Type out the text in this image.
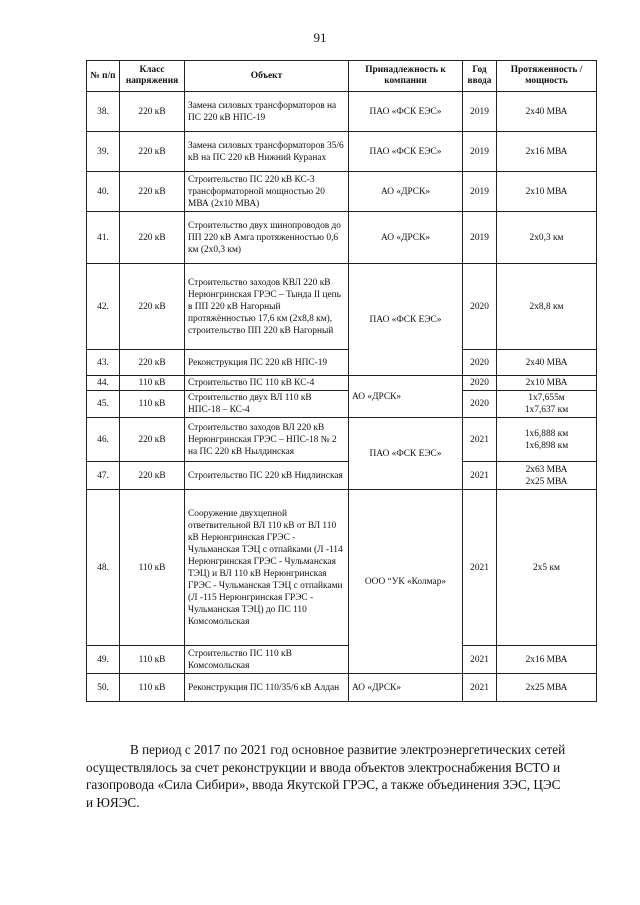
91
№ п/п	Класс напряжения	Объект	Принадлежность к компании	Год ввода	Протяженность / мощность
38.	220 кВ	Замена силовых трансформаторов на ПС 220 кВ НПС-19	ПАО «ФСК ЕЭС»	2019	2х40 МВА
39.	220 кВ	Замена силовых трансформаторов 35/6 кВ на ПС 220 кВ Нижний Куранах	ПАО «ФСК ЕЭС»	2019	2х16 МВА
40.	220 кВ	Строительство ПС 220 кВ КС-3 трансформаторной мощностью 20 МВА (2х10 МВА)	АО «ДРСК»	2019	2х10 МВА
41.	220 кВ	Строительство двух шинопроводов до ПП 220 кВ Амга протяженностью 0,6 км (2х0,3 км)	АО «ДРСК»	2019	2х0,3 км
42.	220 кВ	Строительство заходов КВЛ 220 кВ Нерюнгринская ГРЭС – Тында II цепь в ПП 220 кВ Нагорный протяжённостью 17,6 км (2х8,8 км), строительство ПП 220 кВ Нагорный	ПАО «ФСК ЕЭС»	2020	2х8,8 км
43.	220 кВ	Реконструкция ПС 220 кВ НПС-19		2020	2х40 МВА
44.	110 кВ	Строительство ПС 110 кВ КС-4	АО «ДРСК»	2020	2х10 МВА
45.	110 кВ	Строительство двух ВЛ 110 кВ НПС-18 – КС-4		2020	1х7,655м
1х7,637 км
46.	220 кВ	Строительство заходов ВЛ 220 кВ Нерюнгринская ГРЭС – НПС-18 № 2 на ПС 220 кВ Нылдинская	ПАО «ФСК ЕЭС»	2021	1х6,888 км
1х6,898 км
47.	220 кВ	Строительство ПС 220 кВ Нидлинская		2021	2х63 МВА
2х25 МВА
48.	110 кВ	Сооружение двухцепной ответвительной ВЛ 110 кВ от ВЛ 110 кВ Нерюнгринская ГРЭС - Чульманская ТЭЦ с отпайками (Л -114 Нерюнгринская ГРЭС - Чульманская ТЭЦ) и ВЛ 110 кВ Нерюнгринская ГРЭС - Чульманская ТЭЦ с отпайками (Л -115 Нерюнгринская ГРЭС - Чульманская ТЭЦ) до ПС 110 Комсомольская	ООО “УК «Колмар»	2021	2х5 км
49.	110 кВ	Строительство ПС 110 кВ Комсомольская		2021	2х16 МВА
50.	110 кВ	Реконструкция ПС 110/35/6 кВ Алдан	АО «ДРСК»	2021	2х25 МВА
В период с 2017 по 2021 год основное развитие электроэнергетических сетей
осуществлялось за счет реконструкции и ввода объектов электроснабжения ВСТО и
газопровода «Сила Сибири», ввода Якутской ГРЭС, а также объединения ЗЭС, ЦЭС
и ЮЯЭС.
